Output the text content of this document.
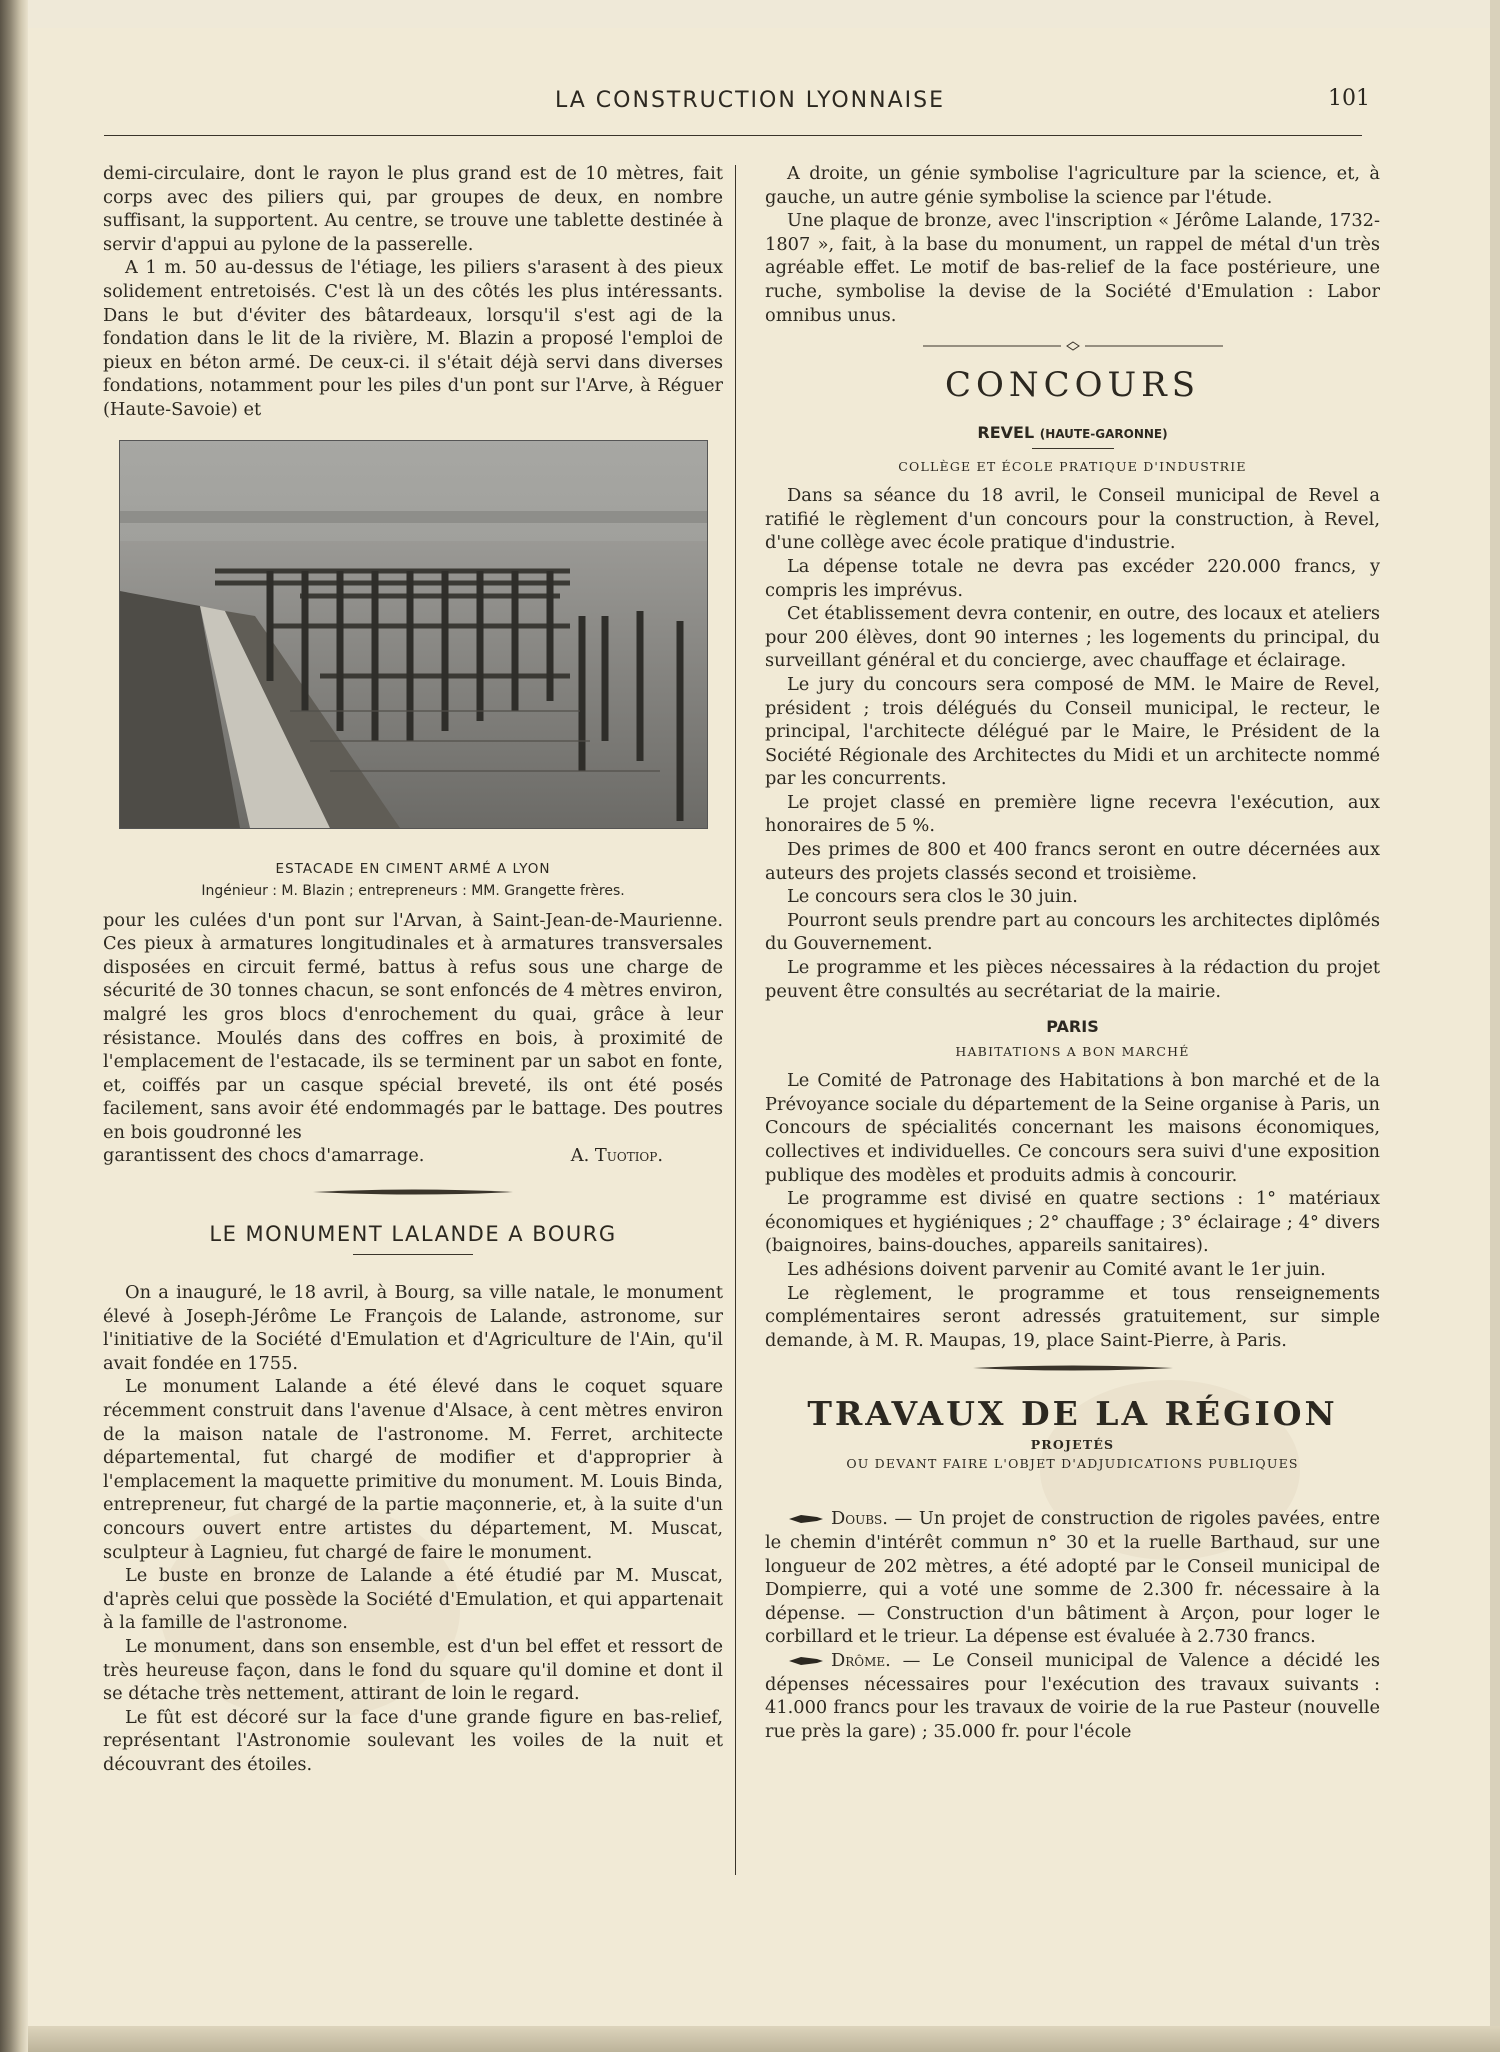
LA CONSTRUCTION LYONNAISE	101

demi-circulaire, dont le rayon le plus grand est de 10 mètres, fait corps avec des piliers qui, par groupes de deux, en nombre suffisant, la supportent. Au centre, se trouve une tablette destinée à servir d'appui au pylone de la passerelle.

A 1 m. 50 au-dessus de l'étiage, les piliers s'arasent à des pieux solidement entretoisés. C'est là un des côtés les plus intéressants. Dans le but d'éviter des bâtardeaux, lorsqu'il s'est agi de la fondation dans le lit de la rivière, M. Blazin a proposé l'emploi de pieux en béton armé. De ceux-ci. il s'était déjà servi dans diverses fondations, notamment pour les piles d'un pont sur l'Arve, à Réguer (Haute-Savoie) et

ESTACADE EN CIMENT ARMÉ A LYON
Ingénieur : M. Blazin ; entrepreneurs : MM. Grangette frères.

pour les culées d'un pont sur l'Arvan, à Saint-Jean-de-Maurienne. Ces pieux à armatures longitudinales et à armatures transversales disposées en circuit fermé, battus à refus sous une charge de sécurité de 30 tonnes chacun, se sont enfoncés de 4 mètres environ, malgré les gros blocs d'enrochement du quai, grâce à leur résistance. Moulés dans des coffres en bois, à proximité de l'emplacement de l'estacade, ils se terminent par un sabot en fonte, et, coiffés par un casque spécial breveté, ils ont été posés facilement, sans avoir été endommagés par le battage. Des poutres en bois goudronné les

garantissent des chocs d'amarrage.	A. Tuotiop.
LE MONUMENT LALANDE A BOURG

On a inauguré, le 18 avril, à Bourg, sa ville natale, le monument élevé à Joseph-Jérôme Le François de Lalande, astronome, sur l'initiative de la Société d'Emulation et d'Agriculture de l'Ain, qu'il avait fondée en 1755.

Le monument Lalande a été élevé dans le coquet square récemment construit dans l'avenue d'Alsace, à cent mètres environ de la maison natale de l'astronome. M. Ferret, architecte départemental, fut chargé de modifier et d'approprier à l'emplacement la maquette primitive du monument. M. Louis Binda, entrepreneur, fut chargé de la partie maçonnerie, et, à la suite d'un concours ouvert entre artistes du département, M. Muscat, sculpteur à Lagnieu, fut chargé de faire le monument.

Le buste en bronze de Lalande a été étudié par M. Muscat, d'après celui que possède la Société d'Emulation, et qui appartenait à la famille de l'astronome.

Le monument, dans son ensemble, est d'un bel effet et ressort de très heureuse façon, dans le fond du square qu'il domine et dont il se détache très nettement, attirant de loin le regard.

Le fût est décoré sur la face d'une grande figure en bas-relief, représentant l'Astronomie soulevant les voiles de la nuit et découvrant des étoiles.

A droite, un génie symbolise l'agriculture par la science, et, à gauche, un autre génie symbolise la science par l'étude.

Une plaque de bronze, avec l'inscription « Jérôme Lalande, 1732-1807 », fait, à la base du monument, un rappel de métal d'un très agréable effet. Le motif de bas-relief de la face postérieure, une ruche, symbolise la devise de la Société d'Emulation : Labor omnibus unus.

CONCOURS
REVEL (HAUTE-GARONNE)
COLLÈGE ET ÉCOLE PRATIQUE D'INDUSTRIE

Dans sa séance du 18 avril, le Conseil municipal de Revel a ratifié le règlement d'un concours pour la construction, à Revel, d'une collège avec école pratique d'industrie.

La dépense totale ne devra pas excéder 220.000 francs, y compris les imprévus.

Cet établissement devra contenir, en outre, des locaux et ateliers pour 200 élèves, dont 90 internes ; les logements du principal, du surveillant général et du concierge, avec chauffage et éclairage.

Le jury du concours sera composé de MM. le Maire de Revel, président ; trois délégués du Conseil municipal, le recteur, le principal, l'architecte délégué par le Maire, le Président de la Société Régionale des Architectes du Midi et un architecte nommé par les concurrents.

Le projet classé en première ligne recevra l'exécution, aux honoraires de 5 %.

Des primes de 800 et 400 francs seront en outre décernées aux auteurs des projets classés second et troisième.

Le concours sera clos le 30 juin.

Pourront seuls prendre part au concours les architectes diplômés du Gouvernement.

Le programme et les pièces nécessaires à la rédaction du projet peuvent être consultés au secrétariat de la mairie.

PARIS
HABITATIONS A BON MARCHÉ

Le Comité de Patronage des Habitations à bon marché et de la Prévoyance sociale du département de la Seine organise à Paris, un Concours de spécialités concernant les maisons économiques, collectives et individuelles. Ce concours sera suivi d'une exposition publique des modèles et produits admis à concourir.

Le programme est divisé en quatre sections : 1° matériaux économiques et hygiéniques ; 2° chauffage ; 3° éclairage ; 4° divers (baignoires, bains-douches, appareils sanitaires).

Les adhésions doivent parvenir au Comité avant le 1er juin.

Le règlement, le programme et tous renseignements complémentaires seront adressés gratuitement, sur simple demande, à M. R. Maupas, 19, place Saint-Pierre, à Paris.

TRAVAUX DE LA RÉGION
PROJETÉS
OU DEVANT FAIRE L'OBJET D'ADJUDICATIONS PUBLIQUES

Doubs. — Un projet de construction de rigoles pavées, entre le chemin d'intérêt commun n° 30 et la ruelle Barthaud, sur une longueur de 202 mètres, a été adopté par le Conseil municipal de Dompierre, qui a voté une somme de 2.300 fr. nécessaire à la dépense. — Construction d'un bâtiment à Arçon, pour loger le corbillard et le trieur. La dépense est évaluée à 2.730 francs.

Drôme. — Le Conseil municipal de Valence a décidé les dépenses nécessaires pour l'exécution des travaux suivants : 41.000 francs pour les travaux de voirie de la rue Pasteur (nouvelle rue près la gare) ; 35.000 fr. pour l'école
